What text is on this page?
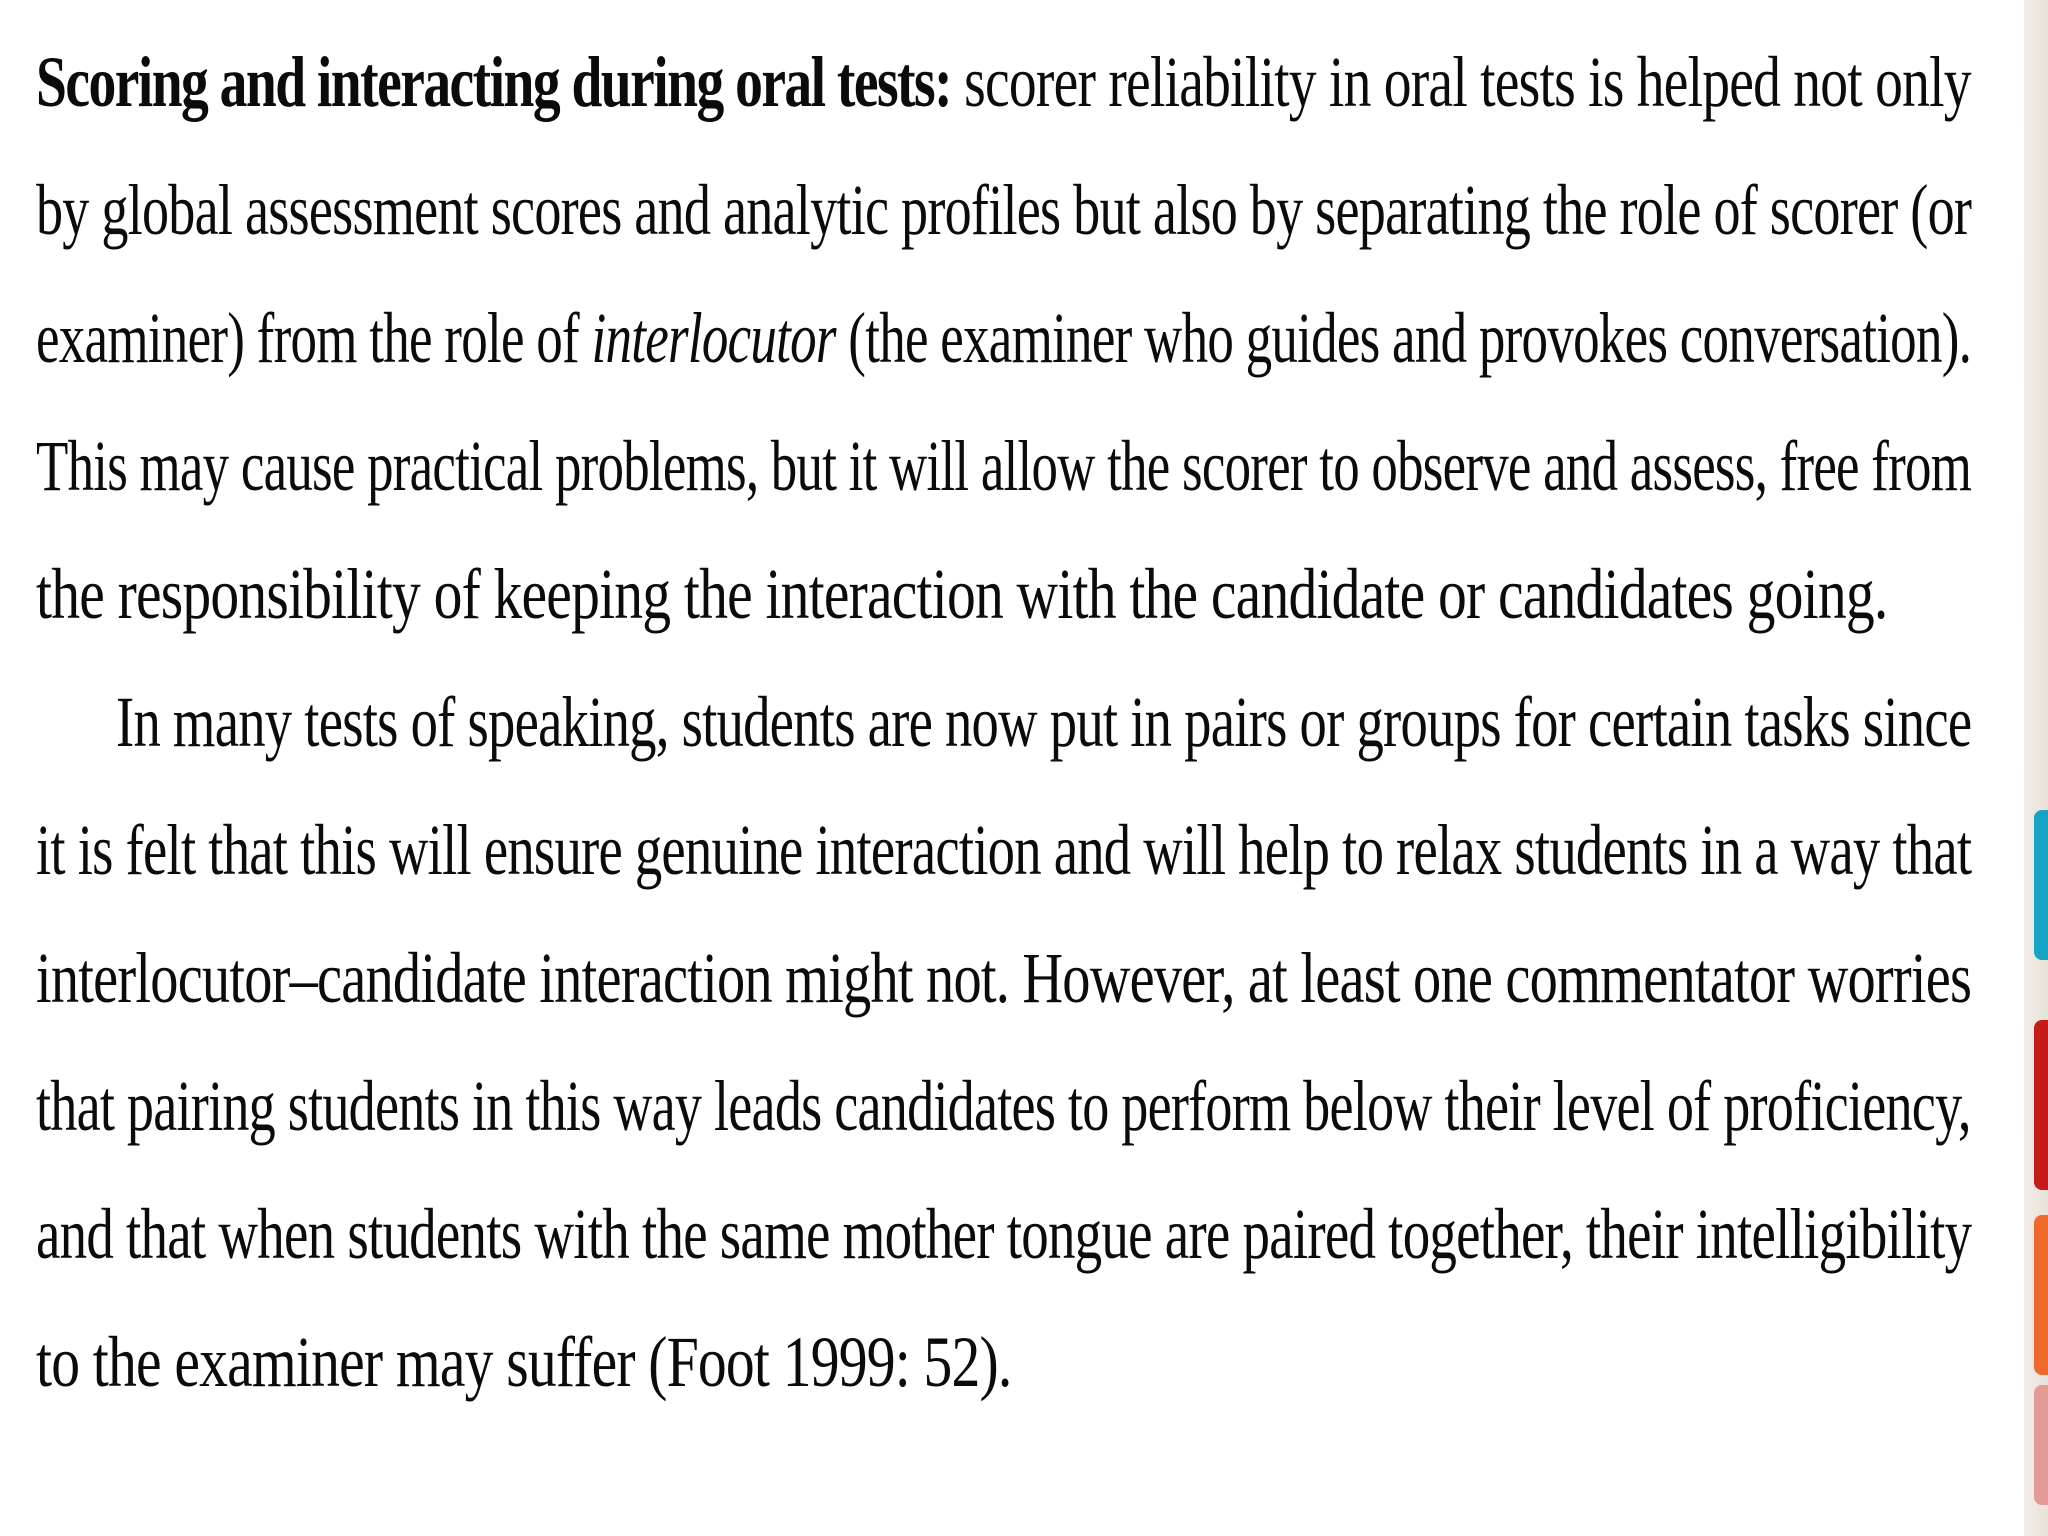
Scoring and interacting during oral tests: scorer reliability in oral tests is helped not only
by global assessment scores and analytic profiles but also by separating the role of scorer (or
examiner) from the role of interlocutor (the examiner who guides and provokes conversation).
This may cause practical problems, but it will allow the scorer to observe and assess, free from
the responsibility of keeping the interaction with the candidate or candidates going.
In many tests of speaking, students are now put in pairs or groups for certain tasks since
it is felt that this will ensure genuine interaction and will help to relax students in a way that
interlocutor–candidate interaction might not. However, at least one commentator worries
that pairing students in this way leads candidates to perform below their level of proficiency,
and that when students with the same mother tongue are paired together, their intelligibility
to the examiner may suffer (Foot 1999: 52).
